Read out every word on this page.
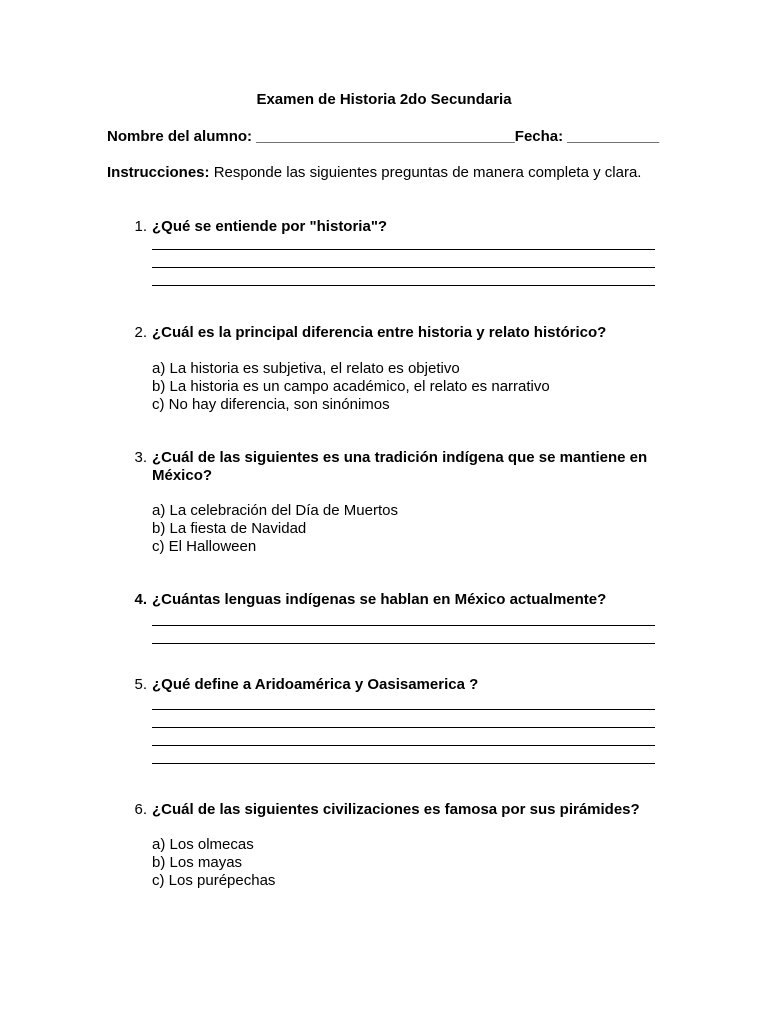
Examen de Historia 2do Secundaria
Nombre del alumno: _______________________________Fecha: ___________
Instrucciones: Responde las siguientes preguntas de manera completa y clara.
1. ¿Qué se entiende por "historia"?
2. ¿Cuál es la principal diferencia entre historia y relato histórico?
a) La historia es subjetiva, el relato es objetivo
b) La historia es un campo académico, el relato es narrativo
c) No hay diferencia, son sinónimos
3. ¿Cuál de las siguientes es una tradición indígena que se mantiene en México?
a) La celebración del Día de Muertos
b) La fiesta de Navidad
c) El Halloween
4. ¿Cuántas lenguas indígenas se hablan en México actualmente?
5. ¿Qué define a Aridoamérica y Oasisamerica ?
6. ¿Cuál de las siguientes civilizaciones es famosa por sus pirámides?
a) Los olmecas
b) Los mayas
c) Los purépechas
